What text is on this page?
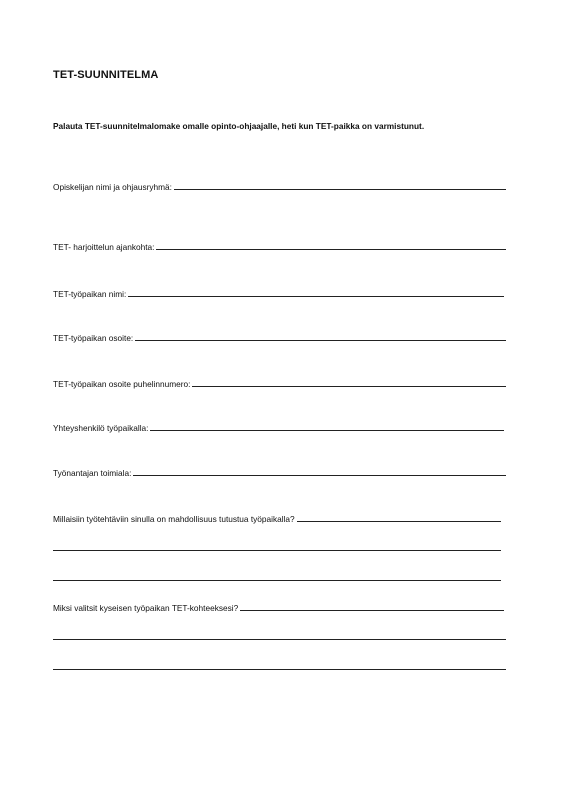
TET-SUUNNITELMA
Palauta TET-suunnitelmalomake omalle opinto-ohjaajalle, heti kun TET-paikka on varmistunut.
Opiskelijan nimi ja ohjausryhmä:
TET- harjoittelun ajankohta:
TET-työpaikan nimi:
TET-työpaikan osoite:
TET-työpaikan osoite puhelinnumero:
Yhteyshenkilö työpaikalla:
Työnantajan toimiala:
Millaisiin työtehtäviin sinulla on mahdollisuus tutustua työpaikalla?
Miksi valitsit kyseisen työpaikan TET-kohteeksesi?
